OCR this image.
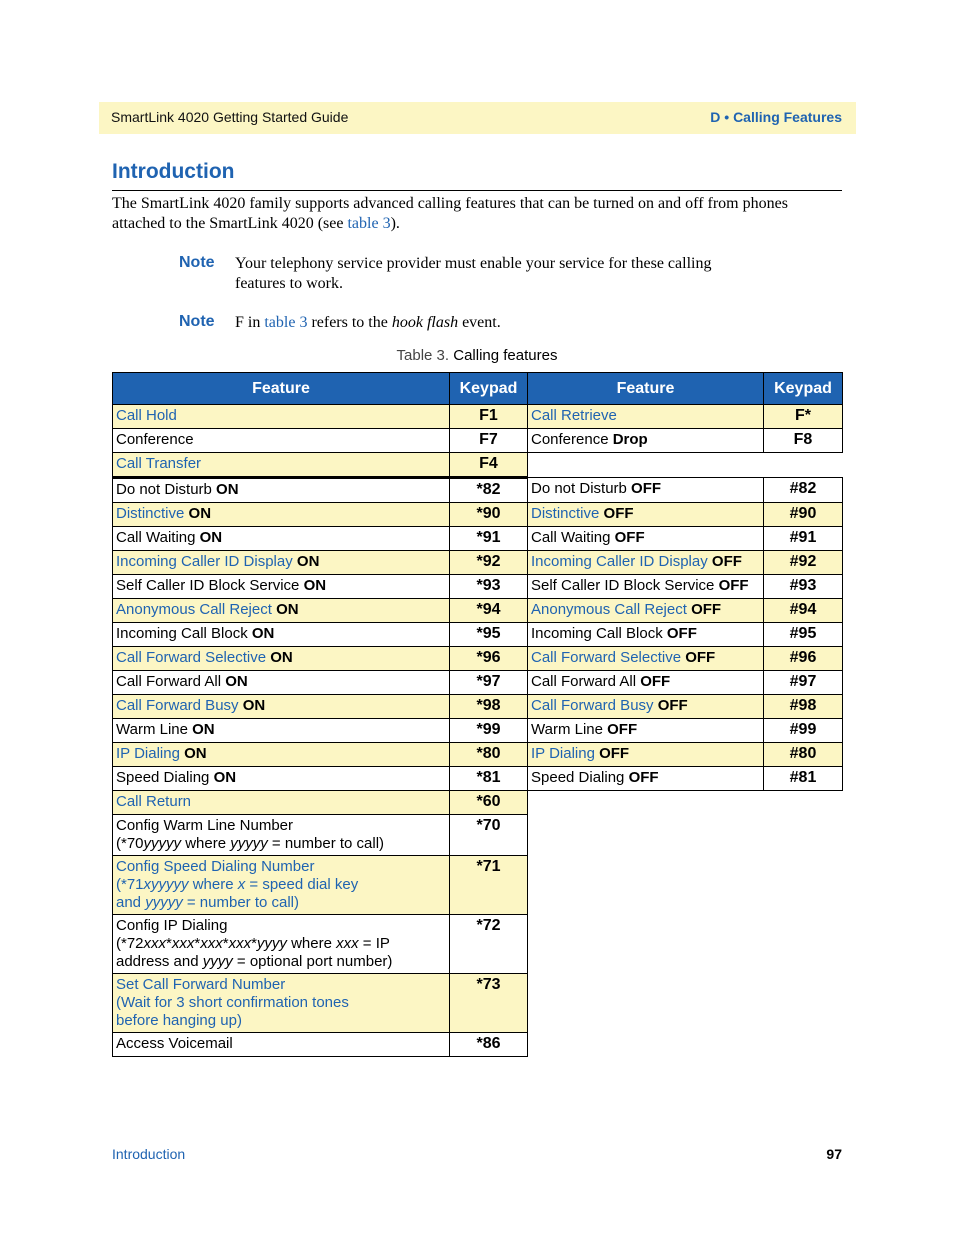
SmartLink 4020 Getting Started Guide	D • Calling Features
Introduction
The SmartLink 4020 family supports advanced calling features that can be turned on and off from phones attached to the SmartLink 4020 (see table 3).
Note Your telephony service provider must enable your service for these calling features to work.
Note F in table 3 refers to the hook flash event.
Table 3. Calling features
Feature	Keypad	Feature	Keypad
Call Hold	F1	Call Retrieve	F*
Conference	F7	Conference Drop	F8
Call Transfer	F4		
Do not Disturb ON	*82	Do not Disturb OFF	#82
Distinctive ON	*90	Distinctive OFF	#90
Call Waiting ON	*91	Call Waiting OFF	#91
Incoming Caller ID Display ON	*92	Incoming Caller ID Display OFF	#92
Self Caller ID Block Service ON	*93	Self Caller ID Block Service OFF	#93
Anonymous Call Reject ON	*94	Anonymous Call Reject OFF	#94
Incoming Call Block ON	*95	Incoming Call Block OFF	#95
Call Forward Selective ON	*96	Call Forward Selective OFF	#96
Call Forward All ON	*97	Call Forward All OFF	#97
Call Forward Busy ON	*98	Call Forward Busy OFF	#98
Warm Line ON	*99	Warm Line OFF	#99
IP Dialing ON	*80	IP Dialing OFF	#80
Speed Dialing ON	*81	Speed Dialing OFF	#81
Call Return	*60		

Config Warm Line Number
(*70yyyyy where yyyyy = number to call)	*70		

Config Speed Dialing Number
(*71xyyyyy where x = speed dial key
and yyyyy = number to call)	*71		

Config IP Dialing
(*72xxx*xxx*xxx*xxx*yyyy where xxx = IP
address and yyyy = optional port number)	*72		

Set Call Forward Number
(Wait for 3 short confirmation tones
before hanging up)	*73		

Access Voicemail	*86		
Introduction	97
